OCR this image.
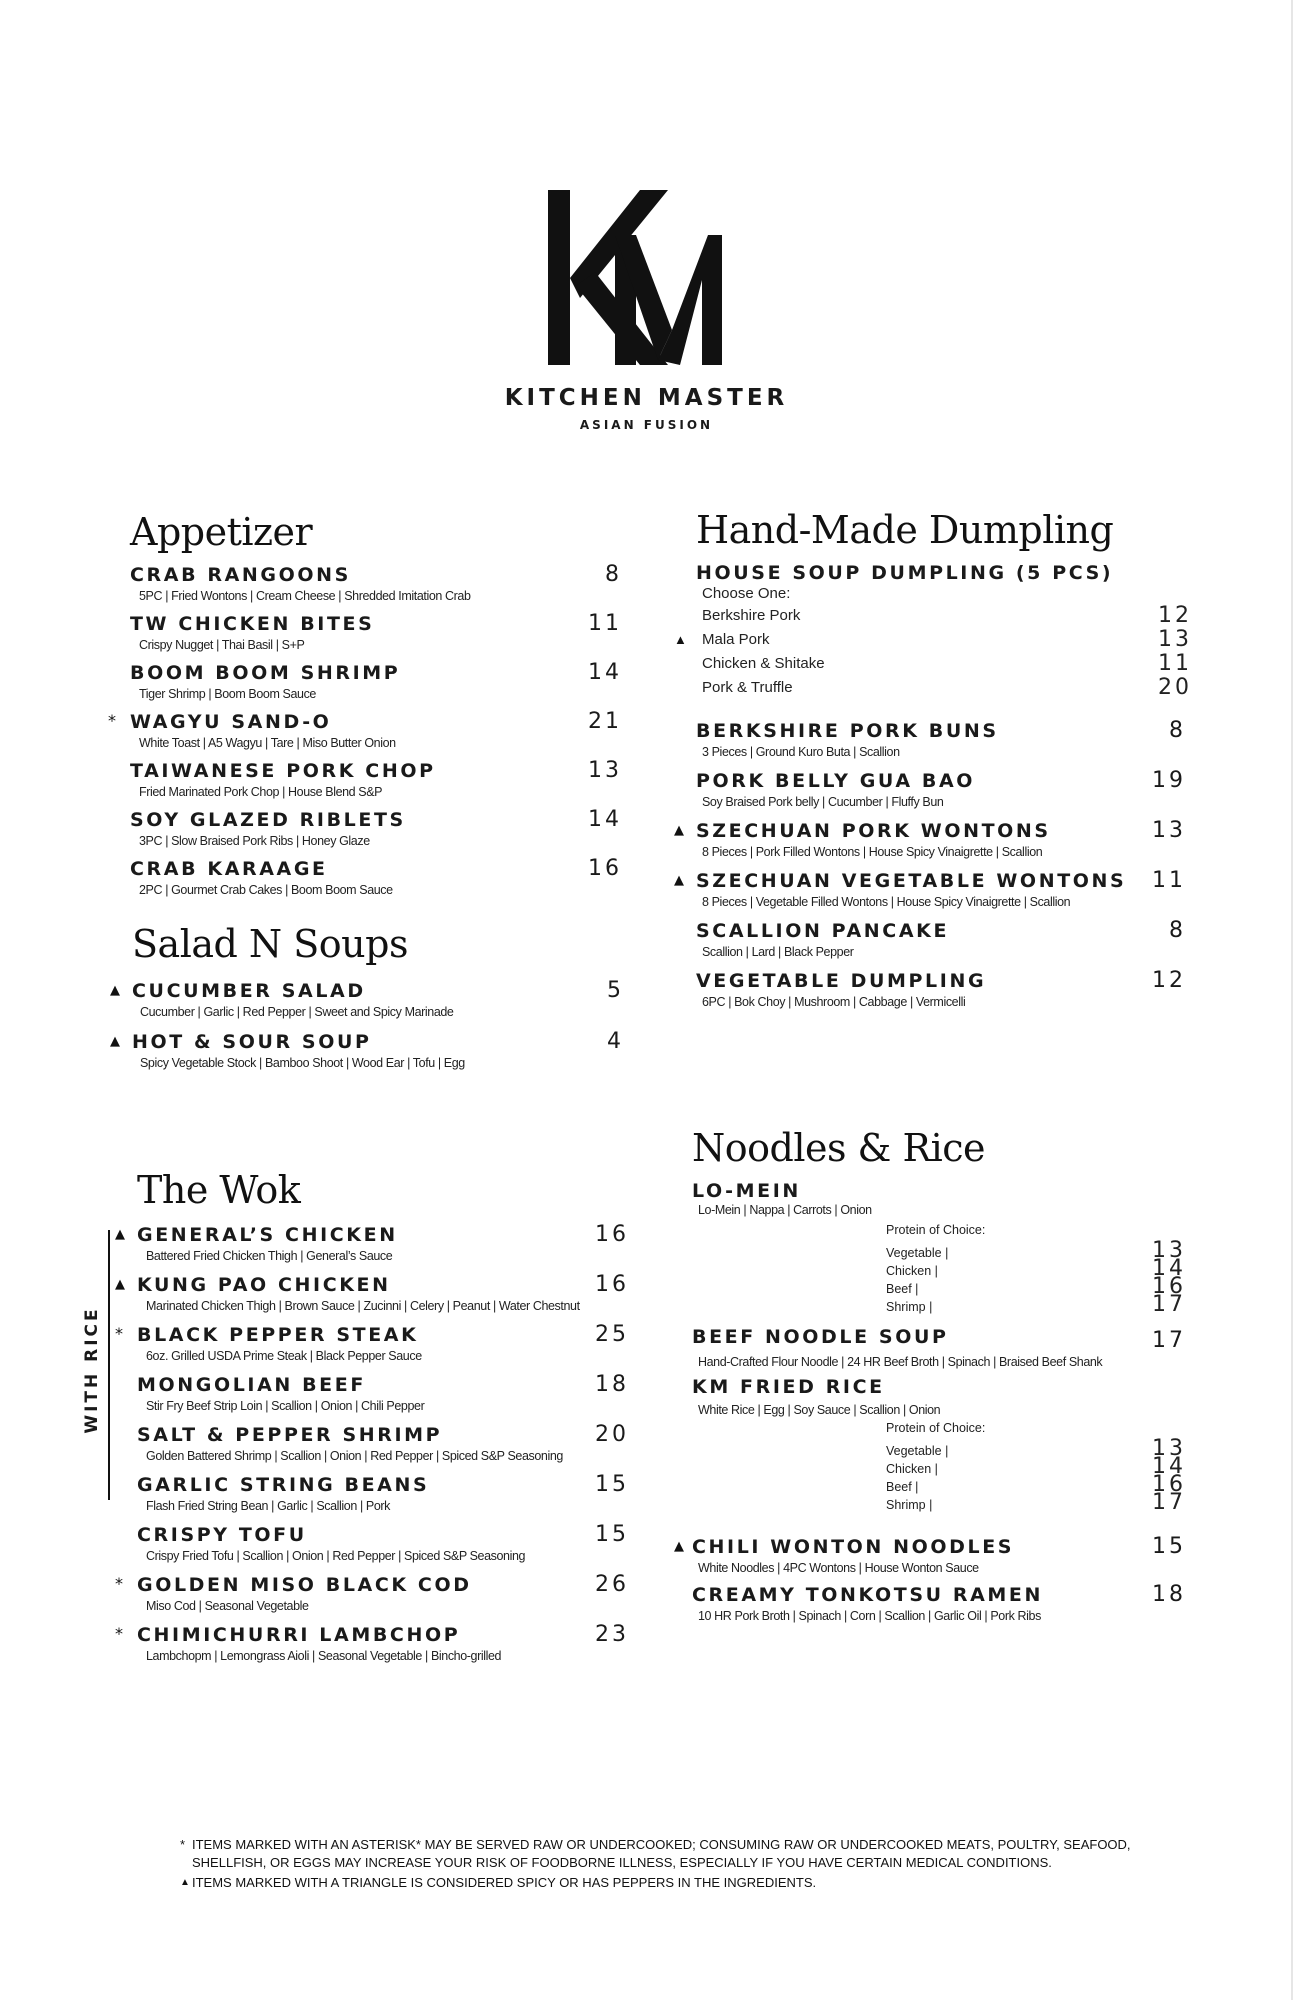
KITCHEN MASTER
ASIAN FUSION
Appetizer
CRAB RANGOONS	8
5PC | Fried Wontons | Cream Cheese | Shredded Imitation Crab
TW CHICKEN BITES	11
Crispy Nugget | Thai Basil | S+P
BOOM BOOM SHRIMP	14
Tiger Shrimp | Boom Boom Sauce
* WAGYU SAND-O	21
White Toast | A5 Wagyu | Tare | Miso Butter Onion
TAIWANESE PORK CHOP	13
Fried Marinated Pork Chop | House Blend S&P
SOY GLAZED RIBLETS	14
3PC | Slow Braised Pork Ribs | Honey Glaze
CRAB KARAAGE	16
2PC | Gourmet Crab Cakes | Boom Boom Sauce
Salad N Soups
▲ CUCUMBER SALAD	5
Cucumber | Garlic | Red Pepper | Sweet and Spicy Marinade
▲ HOT & SOUR SOUP	4
Spicy Vegetable Stock | Bamboo Shoot | Wood Ear | Tofu | Egg
WITH RICE
The Wok
▲ GENERAL’S CHICKEN	16
Battered Fried Chicken Thigh | General’s Sauce
▲ KUNG PAO CHICKEN	16
Marinated Chicken Thigh | Brown Sauce | Zucinni | Celery | Peanut | Water Chestnut
* BLACK PEPPER STEAK	25
6oz. Grilled USDA Prime Steak | Black Pepper Sauce
MONGOLIAN BEEF	18
Stir Fry Beef Strip Loin | Scallion | Onion | Chili Pepper
SALT & PEPPER SHRIMP	20
Golden Battered Shrimp | Scallion | Onion | Red Pepper | Spiced S&P Seasoning
GARLIC STRING BEANS	15
Flash Fried String Bean | Garlic | Scallion | Pork
CRISPY TOFU	15
Crispy Fried Tofu | Scallion | Onion | Red Pepper | Spiced S&P Seasoning
* GOLDEN MISO BLACK COD	26
Miso Cod | Seasonal Vegetable
* CHIMICHURRI LAMBCHOP	23
Lambchopm | Lemongrass Aioli | Seasonal Vegetable | Bincho-grilled
Hand-Made Dumpling
HOUSE SOUP DUMPLING (5 PCS)
Choose One:
Berkshire Pork	12
▲ Mala Pork	13
Chicken & Shitake	11
Pork & Truffle	20
BERKSHIRE PORK BUNS	8
3 Pieces | Ground Kuro Buta | Scallion
PORK BELLY GUA BAO	19
Soy Braised Pork belly | Cucumber | Fluffy Bun
▲ SZECHUAN PORK WONTONS	13
8 Pieces | Pork Filled Wontons | House Spicy Vinaigrette | Scallion
▲ SZECHUAN VEGETABLE WONTONS	11
8 Pieces | Vegetable Filled Wontons | House Spicy Vinaigrette | Scallion
SCALLION PANCAKE	8
Scallion | Lard | Black Pepper
VEGETABLE DUMPLING	12
6PC | Bok Choy | Mushroom | Cabbage | Vermicelli
Noodles & Rice
LO-MEIN
Lo-Mein | Nappa | Carrots | Onion
Protein of Choice:
Vegetable |	13
Chicken |	14
Beef |	16
Shrimp |	17
BEEF NOODLE SOUP	17
Hand-Crafted Flour Noodle | 24 HR Beef Broth | Spinach | Braised Beef Shank
KM FRIED RICE
White Rice | Egg | Soy Sauce | Scallion | Onion
Protein of Choice:
Vegetable |	13
Chicken |	14
Beef |	16
Shrimp |	17
▲ CHILI WONTON NOODLES	15
White Noodles | 4PC Wontons | House Wonton Sauce
CREAMY TONKOTSU RAMEN	18
10 HR Pork Broth | Spinach | Corn | Scallion | Garlic Oil | Pork Ribs
* ITEMS MARKED WITH AN ASTERISK* MAY BE SERVED RAW OR UNDERCOOKED; CONSUMING RAW OR UNDERCOOKED MEATS, POULTRY, SEAFOOD,
SHELLFISH, OR EGGS MAY INCREASE YOUR RISK OF FOODBORNE ILLNESS, ESPECIALLY IF YOU HAVE CERTAIN MEDICAL CONDITIONS.
▲ ITEMS MARKED WITH A TRIANGLE IS CONSIDERED SPICY OR HAS PEPPERS IN THE INGREDIENTS.
